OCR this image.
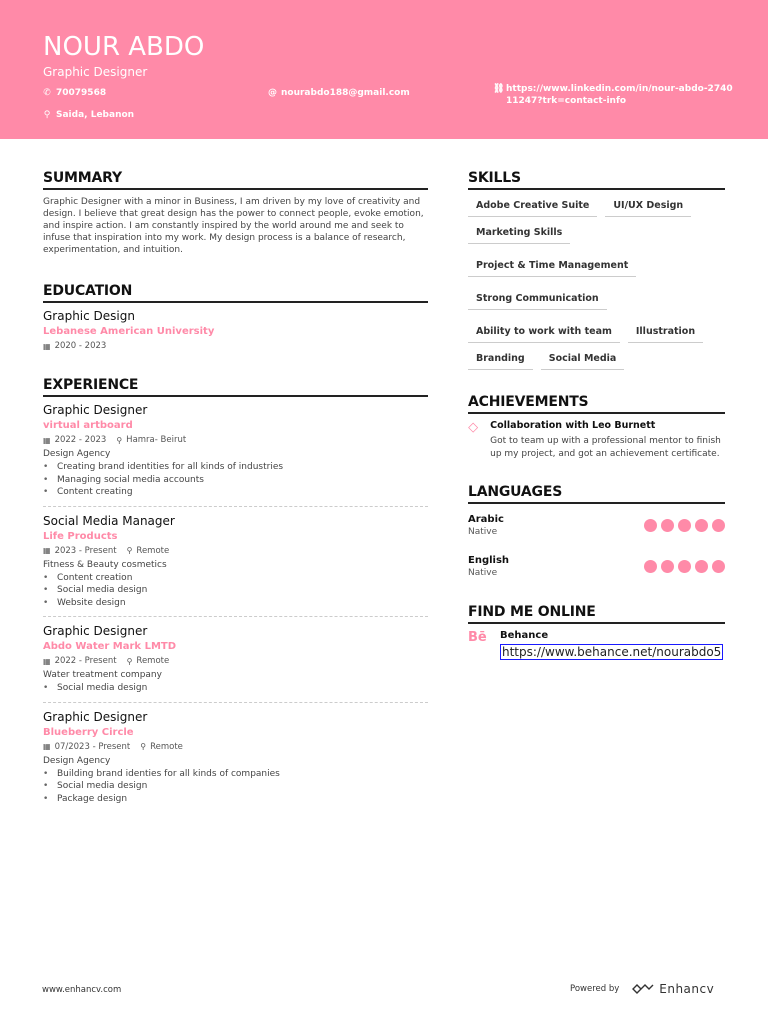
NOUR ABDO
Graphic Designer
✆ 70079568	@ nourabdo188@gmail.com	⛓ https://www.linkedin.com/in/nour-abdo-274011247?trk=contact-info
⚲ Saida, Lebanon
SUMMARY
Graphic Designer with a minor in Business, I am driven by my love of creativity and design. I believe that great design has the power to connect people, evoke emotion, and inspire action. I am constantly inspired by the world around me and seek to infuse that inspiration into my work. My design process is a balance of research, experimentation, and intuition.
EDUCATION
Graphic Design
Lebanese American University
▦ 2020 - 2023
EXPERIENCE
Graphic Designer
virtual artboard
▦ 2022 - 2023 ⚲ Hamra- Beirut
Design Agency
• Creating brand identities for all kinds of industries
• Managing social media accounts
• Content creating
Social Media Manager
Life Products
▦ 2023 - Present ⚲ Remote
Fitness & Beauty cosmetics
• Content creation
• Social media design
• Website design
Graphic Designer
Abdo Water Mark LMTD
▦ 2022 - Present ⚲ Remote
Water treatment company
• Social media design
Graphic Designer
Blueberry Circle
▦ 07/2023 - Present ⚲ Remote
Design Agency
• Building brand identies for all kinds of companies
• Social media design
• Package design
SKILLS
Adobe Creative Suite	UI/UX Design
Marketing Skills
Project & Time Management
Strong Communication
Ability to work with team	Illustration
Branding	Social Media
ACHIEVEMENTS
◇ Collaboration with Leo Burnett
Got to team up with a professional mentor to finish up my project, and got an achievement certificate.
LANGUAGES
Arabic
Native
English
Native
FIND ME ONLINE
Bē Behance
https://www.behance.net/nourabdo5
www.enhancv.com	Powered by	Enhancv
